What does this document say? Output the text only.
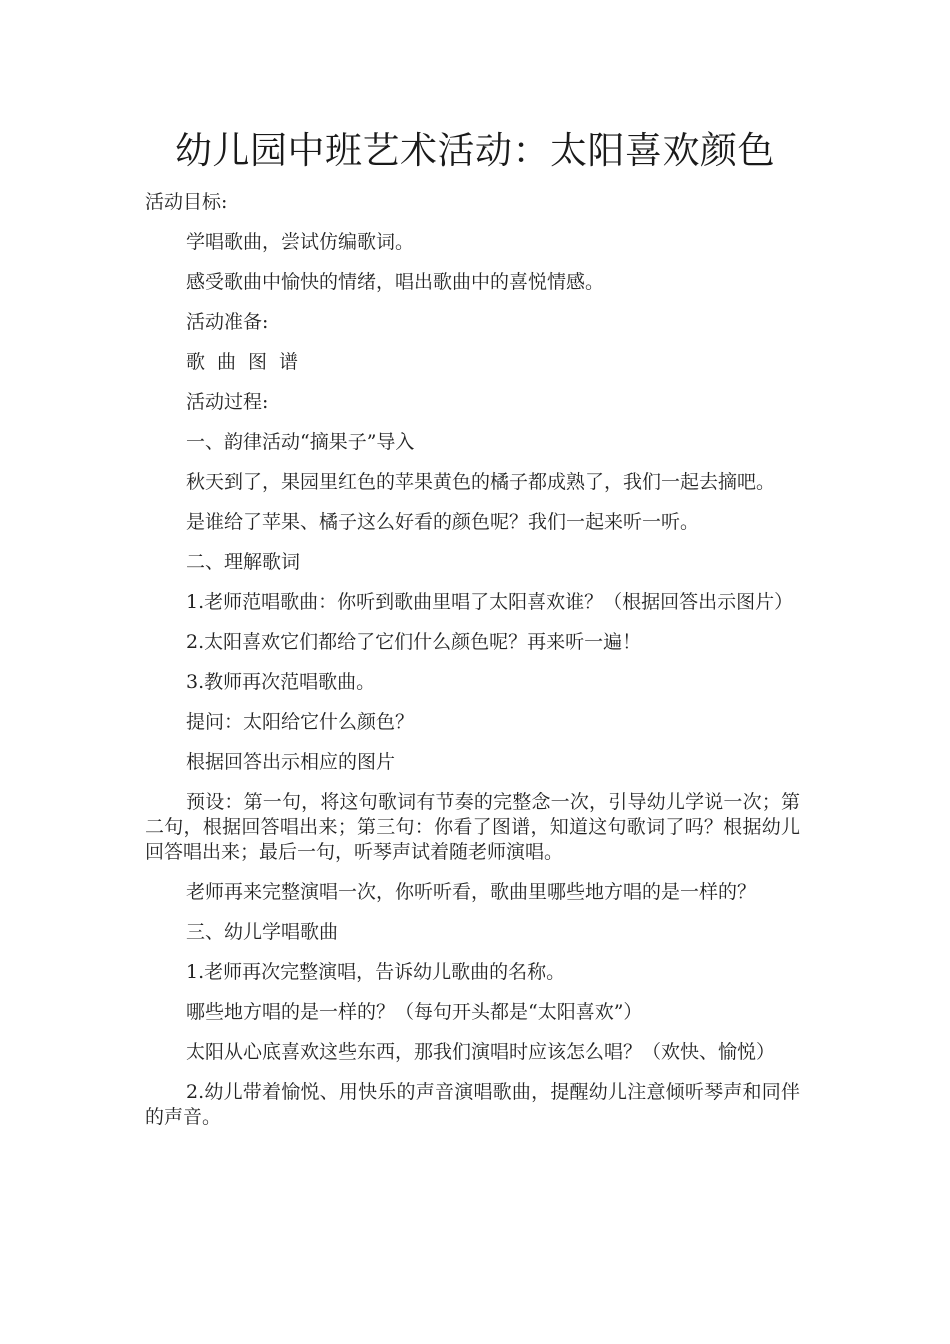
幼儿园中班艺术活动：太阳喜欢颜色

活动目标:

学唱歌曲，尝试仿编歌词。

感受歌曲中愉快的情绪，唱出歌曲中的喜悦情感。

活动准备:

歌曲图谱

活动过程:

一、韵律活动“摘果子”导入

秋天到了，果园里红色的苹果黄色的橘子都成熟了，我们一起去摘吧。

是谁给了苹果、橘子这么好看的颜色呢？我们一起来听一听。

二、理解歌词

1.老师范唱歌曲：你听到歌曲里唱了太阳喜欢谁？（根据回答出示图片）

2.太阳喜欢它们都给了它们什么颜色呢？再来听一遍！

3.教师再次范唱歌曲。

提问：太阳给它什么颜色？

根据回答出示相应的图片

预设：第一句，将这句歌词有节奏的完整念一次，引导幼儿学说一次；第二句，根据回答唱出来；第三句：你看了图谱，知道这句歌词了吗？根据幼儿回答唱出来；最后一句，听琴声试着随老师演唱。

老师再来完整演唱一次，你听听看，歌曲里哪些地方唱的是一样的？

三、幼儿学唱歌曲

1.老师再次完整演唱，告诉幼儿歌曲的名称。

哪些地方唱的是一样的？（每句开头都是“太阳喜欢”）

太阳从心底喜欢这些东西，那我们演唱时应该怎么唱？（欢快、愉悦）

2.幼儿带着愉悦、用快乐的声音演唱歌曲，提醒幼儿注意倾听琴声和同伴的声音。
